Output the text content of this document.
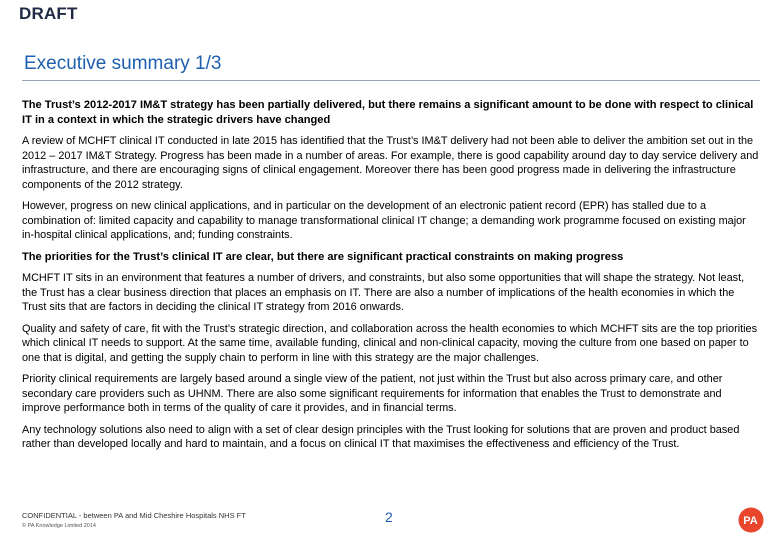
DRAFT
Executive summary 1/3

The Trust’s 2012-2017 IM&T strategy has been partially delivered, but there remains a significant amount to be done with respect to clinical IT in a context in which the strategic drivers have changed

A review of MCHFT clinical IT conducted in late 2015 has identified that the Trust’s IM&T delivery had not been able to deliver the ambition set out in the 2012 – 2017 IM&T Strategy. Progress has been made in a number of areas. For example, there is good capability around day to day service delivery and infrastructure, and there are encouraging signs of clinical engagement. Moreover there has been good progress made in delivering the infrastructure components of the 2012 strategy.

However, progress on new clinical applications, and in particular on the development of an electronic patient record (EPR) has stalled due to a combination of: limited capacity and capability to manage transformational clinical IT change; a demanding work programme focused on existing major in-hospital clinical applications, and; funding constraints.

The priorities for the Trust’s clinical IT are clear, but there are significant practical constraints on making progress

MCHFT IT sits in an environment that features a number of drivers, and constraints, but also some opportunities that will shape the strategy. Not least, the Trust has a clear business direction that places an emphasis on IT. There are also a number of implications of the health economies in which the Trust sits that are factors in deciding the clinical IT strategy from 2016 onwards.

Quality and safety of care, fit with the Trust’s strategic direction, and collaboration across the health economies to which MCHFT sits are the top priorities which clinical IT needs to support. At the same time, available funding, clinical and non-clinical capacity, moving the culture from one based on paper to one that is digital, and getting the supply chain to perform in line with this strategy are the major challenges.

Priority clinical requirements are largely based around a single view of the patient, not just within the Trust but also across primary care, and other secondary care providers such as UHNM. There are also some significant requirements for information that enables the Trust to demonstrate and improve performance both in terms of the quality of care it provides, and in financial terms.

Any technology solutions also need to align with a set of clear design principles with the Trust looking for solutions that are proven and product based rather than developed locally and hard to maintain, and a focus on clinical IT that maximises the effectiveness and efficiency of the Trust.

CONFIDENTIAL - between PA and Mid Cheshire Hospitals NHS FT
© PA Knowledge Limited 2014
2	PA
